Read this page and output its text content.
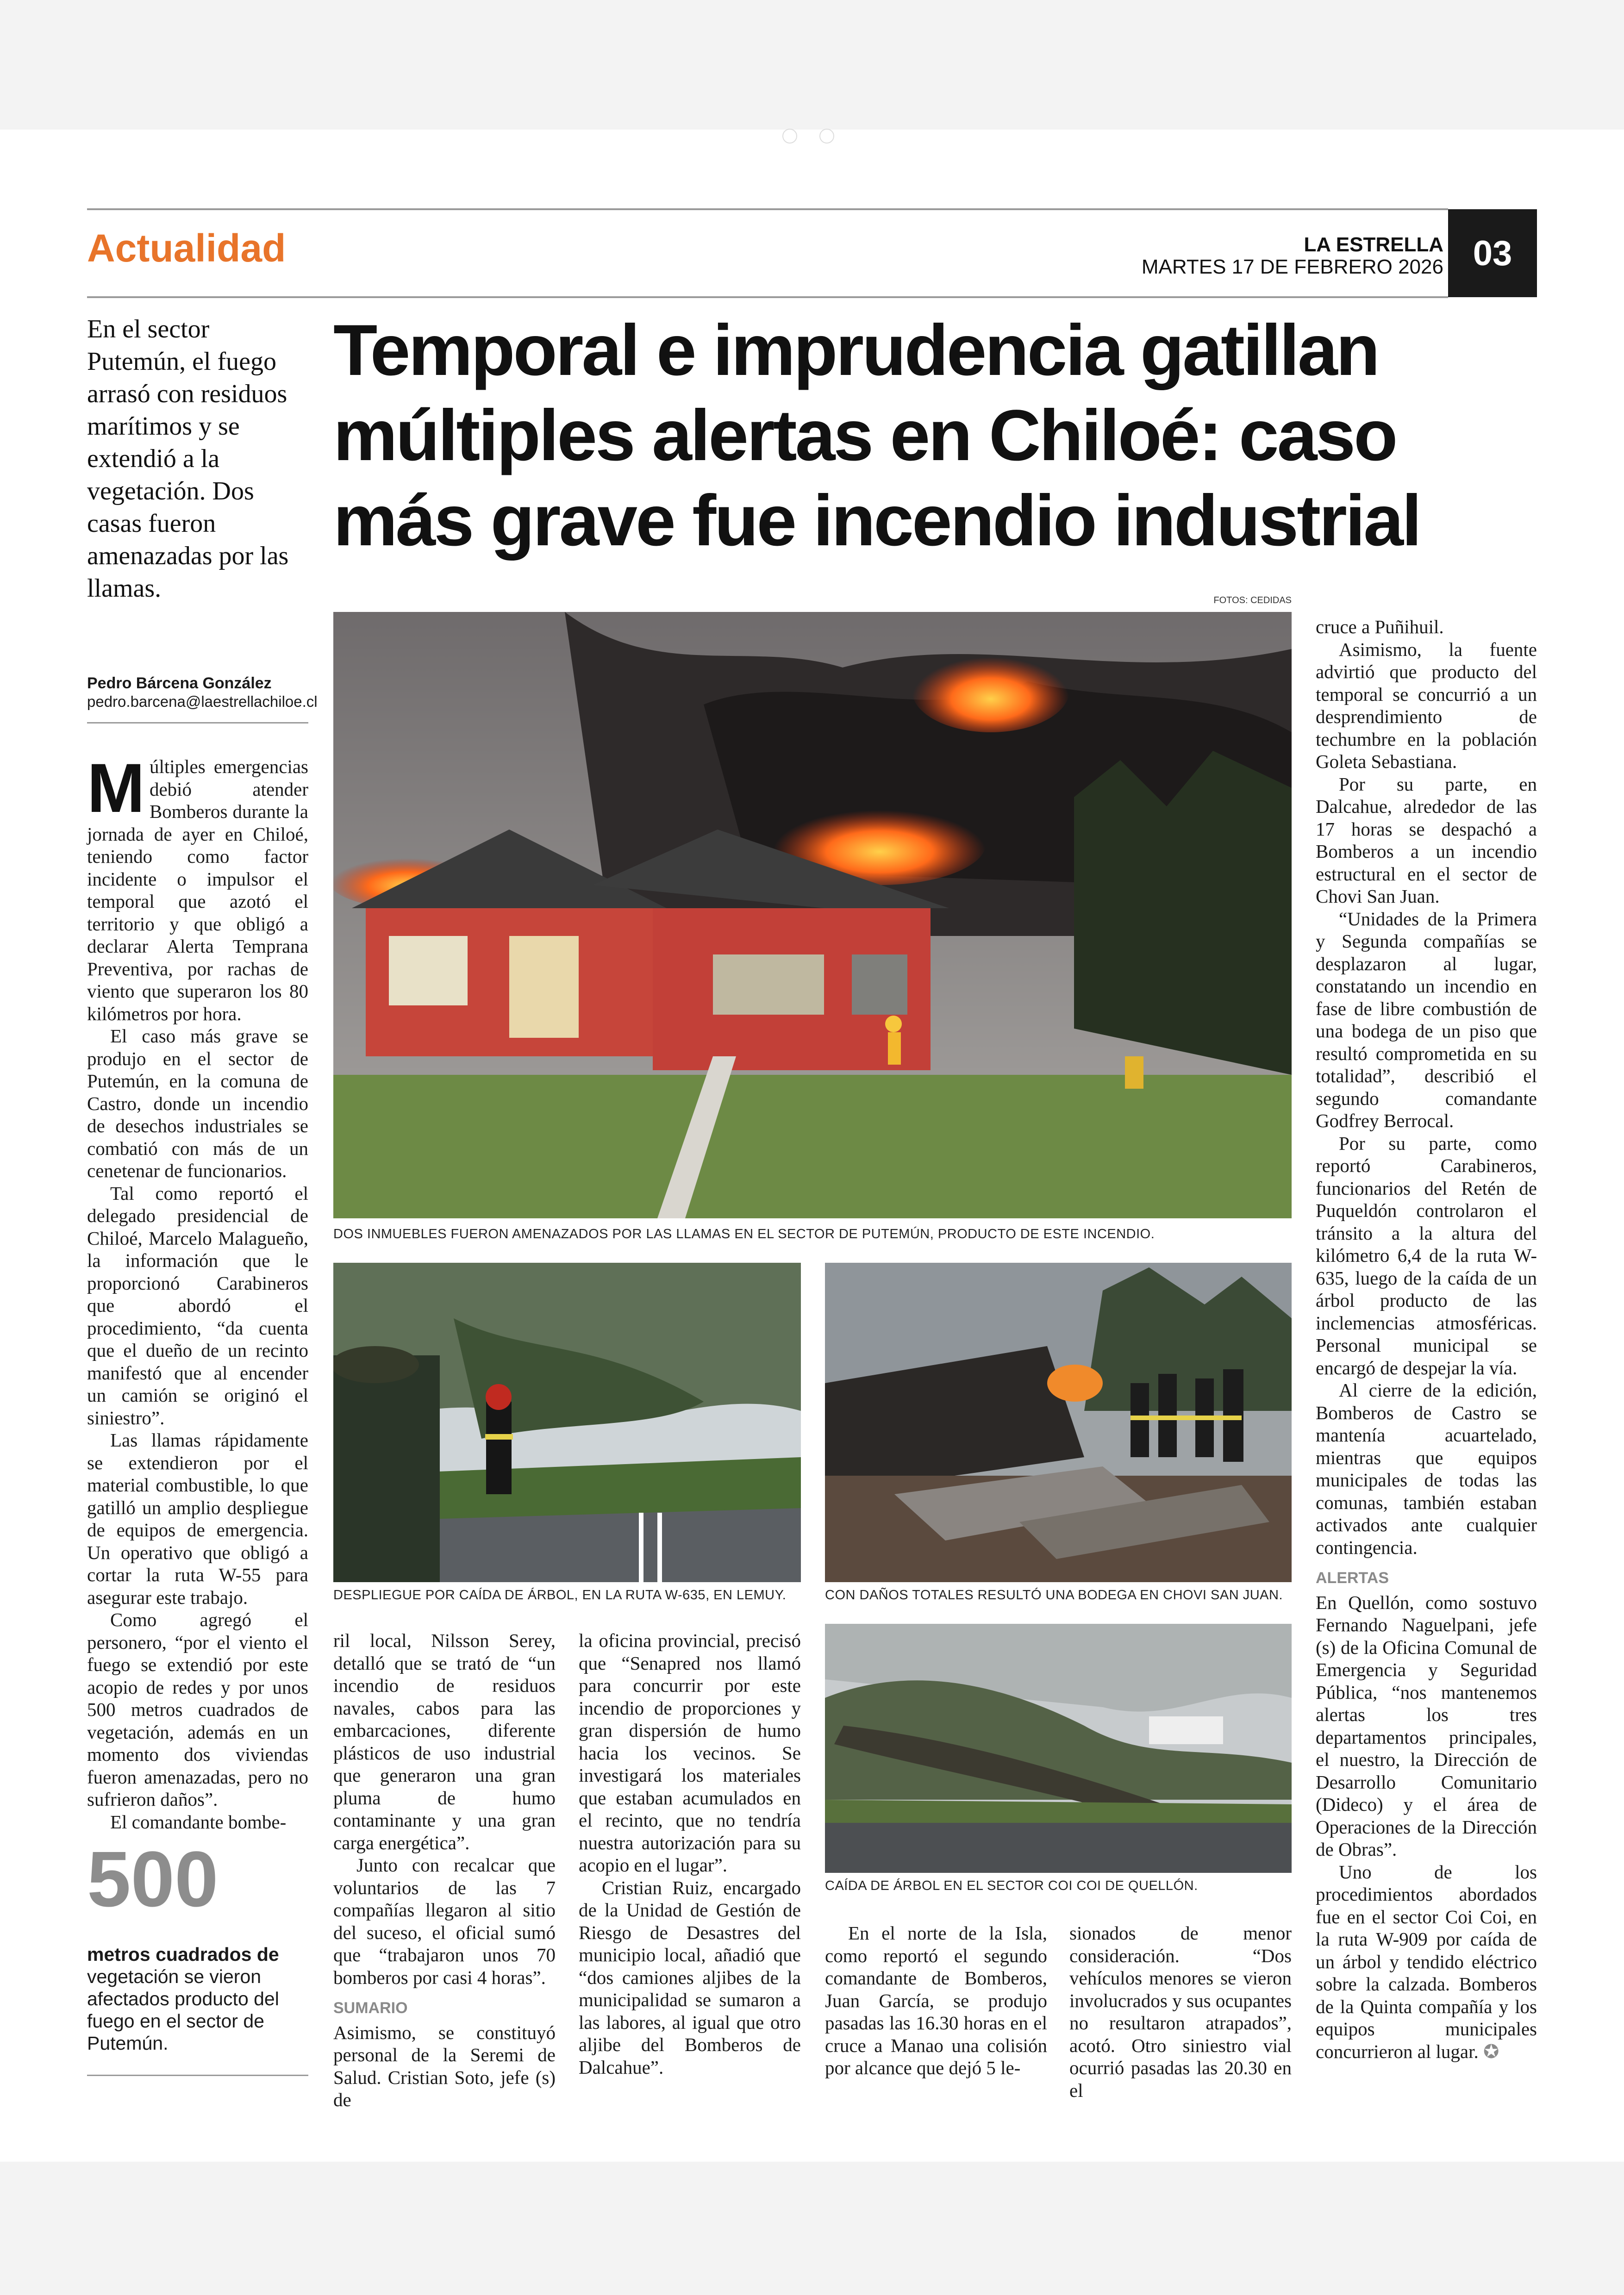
Actualidad	LA ESTRELLA
MARTES 17 DE FEBRERO 2026 03
En el sector Putemún, el fuego arrasó con residuos marítimos y se extendió a la vegetación. Dos casas fueron amenazadas por las llamas.
Pedro Bárcena González
pedro.barcena@laestrellachiloe.cl
Temporal e imprudencia gatillan múltiples alertas en Chiloé: caso más grave fue incendio industrial
FOTOS: CEDIDAS
DOS INMUEBLES FUERON AMENAZADOS POR LAS LLAMAS EN EL SECTOR DE PUTEMÚN, PRODUCTO DE ESTE INCENDIO.
DESPLIEGUE POR CAÍDA DE ÁRBOL, EN LA RUTA W-635, EN LEMUY.	CON DAÑOS TOTALES RESULTÓ UNA BODEGA EN CHOVI SAN JUAN.
CAÍDA DE ÁRBOL EN EL SECTOR COI COI DE QUELLÓN.

Múltiples emergencias debió atender Bomberos durante la jornada de ayer en Chiloé, teniendo como factor incidente o impulsor el temporal que azotó el territorio y que obligó a declarar Alerta Temprana Preventiva, por rachas de viento que superaron los 80 kilómetros por hora.

El caso más grave se produjo en el sector de Putemún, en la comuna de Castro, donde un incendio de desechos industriales se combatió con más de un cenetenar de funcionarios.

Tal como reportó el delegado presidencial de Chiloé, Marcelo Malagueño, la información que le proporcionó Carabineros que abordó el procedimiento, “da cuenta que el dueño de un recinto manifestó que al encender un camión se originó el siniestro”.

Las llamas rápidamente se extendieron por el material combustible, lo que gatilló un amplio despliegue de equipos de emergencia. Un operativo que obligó a cortar la ruta W-55 para asegurar este trabajo.

Como agregó el personero, “por el viento el fuego se extendió por este acopio de redes y por unos 500 metros cuadrados de vegetación, además en un momento dos viviendas fueron amenazadas, pero no sufrieron daños”.

El comandante bombe-

500
metros cuadrados de vegetación se vieron afectados producto del fuego en el sector de Putemún.

ril local, Nilsson Serey, detalló que se trató de “un incendio de residuos navales, cabos para las embarcaciones, diferente plásticos de uso industrial que generaron una gran pluma de humo contaminante y una gran carga energética”.

Junto con recalcar que voluntarios de las 7 compañías llegaron al sitio del suceso, el oficial sumó que “trabajaron unos 70 bomberos por casi 4 horas”.

SUMARIO

Asimismo, se constituyó personal de la Seremi de Salud. Cristian Soto, jefe (s) de

la oficina provincial, precisó que “Senapred nos llamó para concurrir por este incendio de proporciones y gran dispersión de humo hacia los vecinos. Se investigará los materiales que estaban acumulados en el recinto, que no tendría nuestra autorización para su acopio en el lugar”.

Cristian Ruiz, encargado de la Unidad de Gestión de Riesgo de Desastres del municipio local, añadió que “dos camiones aljibes de la municipalidad se sumaron a las labores, al igual que otro aljibe del Bomberos de Dalcahue”.

En el norte de la Isla, como reportó el segundo comandante de Bomberos, Juan García, se produjo pasadas las 16.30 horas en el cruce a Manao una colisión por alcance que dejó 5 le-

sionados de menor consideración. “Dos vehículos menores se vieron involucrados y sus ocupantes no resultaron atrapados”, acotó. Otro siniestro vial ocurrió pasadas las 20.30 en el

cruce a Puñihuil.

Asimismo, la fuente advirtió que producto del temporal se concurrió a un desprendimiento de techumbre en la población Goleta Sebastiana.

Por su parte, en Dalcahue, alrededor de las 17 horas se despachó a Bomberos a un incendio estructural en el sector de Chovi San Juan.

“Unidades de la Primera y Segunda compañías se desplazaron al lugar, constatando un incendio en fase de libre combustión de una bodega de un piso que resultó comprometida en su totalidad”, describió el segundo comandante Godfrey Berrocal.

Por su parte, como reportó Carabineros, funcionarios del Retén de Puqueldón controlaron el tránsito a la altura del kilómetro 6,4 de la ruta W-635, luego de la caída de un árbol producto de las inclemencias atmosféricas. Personal municipal se encargó de despejar la vía.

Al cierre de la edición, Bomberos de Castro se mantenía acuartelado, mientras que equipos municipales de todas las comunas, también estaban activados ante cualquier contingencia.

ALERTAS

En Quellón, como sostuvo Fernando Naguelpani, jefe (s) de la Oficina Comunal de Emergencia y Seguridad Pública, “nos mantenemos alertas los tres departamentos principales, el nuestro, la Dirección de Desarrollo Comunitario (Dideco) y el área de Operaciones de la Dirección de Obras”.

Uno de los procedimientos abordados fue en el sector Coi Coi, en la ruta W-909 por caída de un árbol y tendido eléctrico sobre la calzada. Bomberos de la Quinta compañía y los equipos municipales concurrieron al lugar. ✪
